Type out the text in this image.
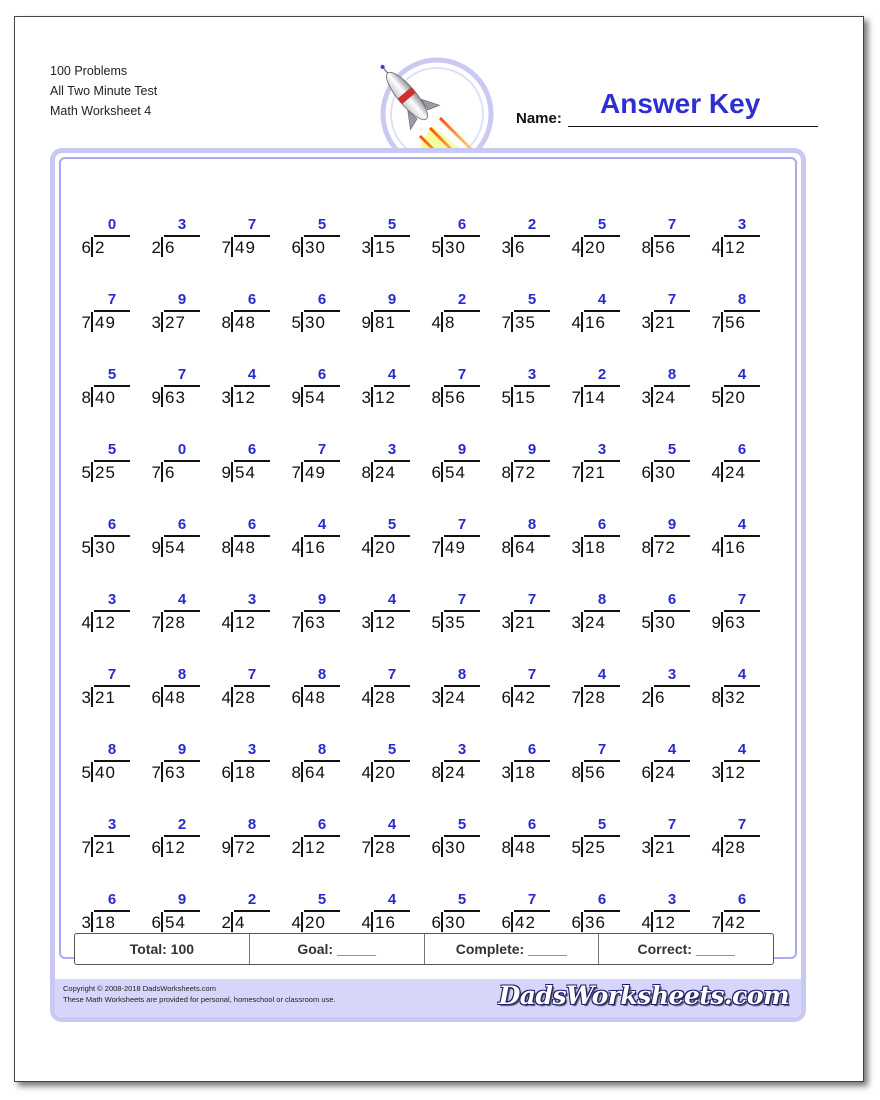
100 Problems
All Two Minute Test
Math Worksheet 4	Name: Answer Key
Copyright © 2008-2018 DadsWorksheets.com
These Math Worksheets are provided for personal, homeschool or classroom use.	DadsWorksheets.com
0
6 2
3
2 6
7
7 49
5
6 30
5
3 15
6
5 30
2
3 6
5
4 20
7
8 56
3
4 12
7
7 49
9
3 27
6
8 48
6
5 30
9
9 81
2
4 8
5
7 35
4
4 16
7
3 21
8
7 56
5
8 40
7
9 63
4
3 12
6
9 54
4
3 12
7
8 56
3
5 15
2
7 14
8
3 24
4
5 20
5
5 25
0
7 6
6
9 54
7
7 49
3
8 24
9
6 54
9
8 72
3
7 21
5
6 30
6
4 24
6
5 30
6
9 54
6
8 48
4
4 16
5
4 20
7
7 49
8
8 64
6
3 18
9
8 72
4
4 16
3
4 12
4
7 28
3
4 12
9
7 63
4
3 12
7
5 35
7
3 21
8
3 24
6
5 30
7
9 63
7
3 21
8
6 48
7
4 28
8
6 48
7
4 28
8
3 24
7
6 42
4
7 28
3
2 6
4
8 32
8
5 40
9
7 63
3
6 18
8
8 64
5
4 20
3
8 24
6
3 18
7
8 56
4
6 24
4
3 12
3
7 21
2
6 12
8
9 72
6
2 12
4
7 28
5
6 30
6
8 48
5
5 25
7
3 21
7
4 28
6
3 18
9
6 54
2
2 4
5
4 20
4
4 16
5
6 30
7
6 42
6
6 36
3
4 12
6
7 42
Total: 100	Goal: _____	Complete: _____	Correct: _____
